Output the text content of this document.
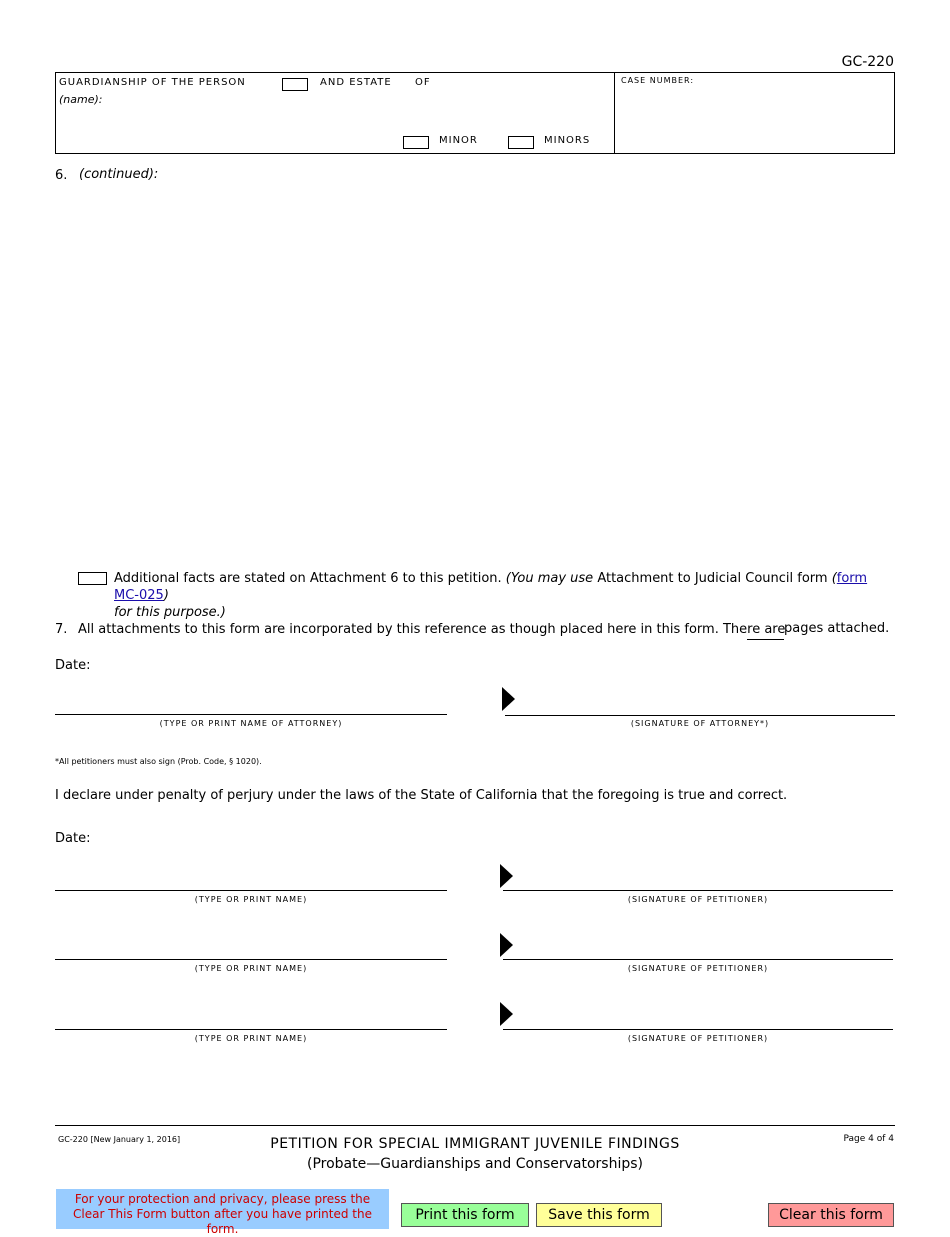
GC-220
GUARDIANSHIP OF THE PERSON	AND ESTATE OF
(name):
MINOR	MINORS
CASE NUMBER:
6. (continued):
Additional facts are stated on Attachment 6 to this petition. (You may use Attachment to Judicial Council form (form MC-025)
for this purpose.)
7. All attachments to this form are incorporated by this reference as though placed here in this form. There are
pages attached.
Date:
(TYPE OR PRINT NAME OF ATTORNEY)	(SIGNATURE OF ATTORNEY*)
*All petitioners must also sign (Prob. Code, § 1020).
I declare under penalty of perjury under the laws of the State of California that the foregoing is true and correct.
Date:
(TYPE OR PRINT NAME)	(SIGNATURE OF PETITIONER)
(TYPE OR PRINT NAME)	(SIGNATURE OF PETITIONER)
(TYPE OR PRINT NAME)	(SIGNATURE OF PETITIONER)
GC-220 [New January 1, 2016]	PETITION FOR SPECIAL IMMIGRANT JUVENILE FINDINGS
(Probate—Guardianships and Conservatorships)
Page 4 of 4
For your protection and privacy, please press the Clear This Form button after you have printed the form.
Print this form	Save this form	Clear this form
